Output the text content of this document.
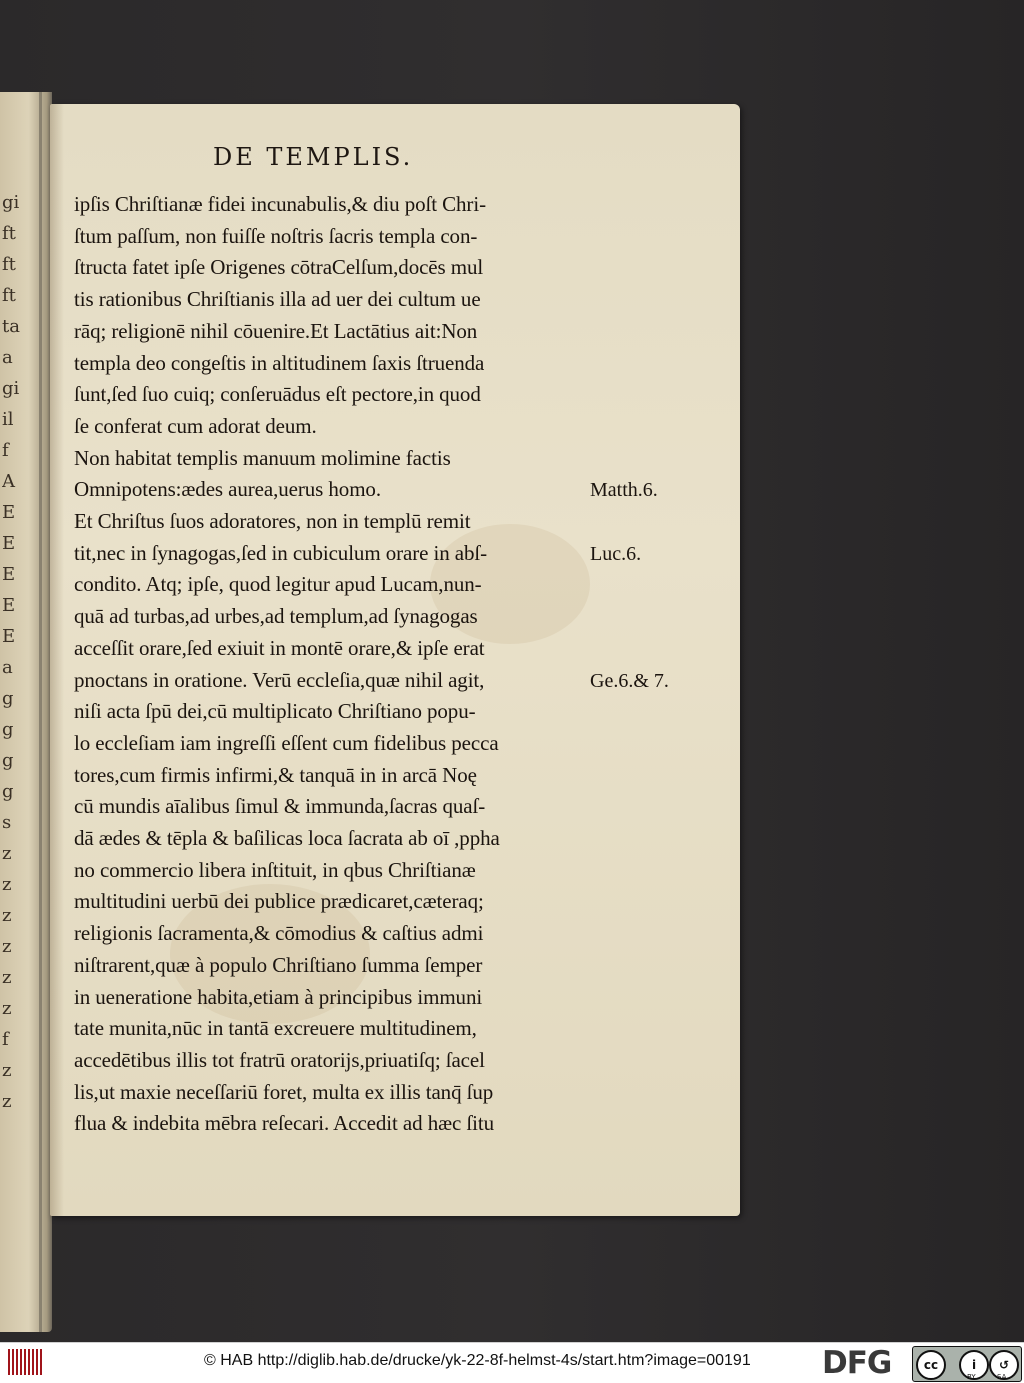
gi
ft
ft
ft
ta
a
gi
il
f
A
E
E
E
E
E
a
g
g
g
g
s
z
z
z
z
z
z
f
z
z
DE TEMPLIS.
ipſis Chriſtianæ fidei incunabulis,& diu poſt Chri-
ſtum paſſum, non fuiſſe noſtris ſacris templa con-
ſtructa fatet ipſe Origenes cōtraCelſum,docēs mul
tis rationibus Chriſtianis illa ad uer dei cultum ue
rāq; religionē nihil cōuenire.Et Lactātius ait:Non
templa deo congeſtis in altitudinem ſaxis ſtruenda
ſunt,ſed ſuo cuiq; conſeruādus eſt pectore,in quod
ſe conferat cum adorat deum.
Non habitat templis manuum molimine factis
Omnipotens:ædes aurea,uerus homo.
Et Chriſtus ſuos adoratores, non in templū remit
tit,nec in ſynagogas,ſed in cubiculum orare in abſ-
condito. Atq; ipſe, quod legitur apud Lucam,nun-
quā ad turbas,ad urbes,ad templum,ad ſynagogas
acceſſit orare,ſed exiuit in montē orare,& ipſe erat
pnoctans in oratione. Verū eccleſia,quæ nihil agit,
niſi acta ſpū dei,cū multiplicato Chriſtiano popu-
lo eccleſiam iam ingreſſi eſſent cum fidelibus pecca
tores,cum firmis infirmi,& tanquā in in arcā Noę
cū mundis aīalibus ſimul & immunda,ſacras quaſ-
dā ædes & tēpla & baſilicas loca ſacrata ab oī ,ppha
no commercio libera inſtituit, in qbus Chriſtianæ
multitudini uerbū dei publice prædicaret,cæteraq;
religionis ſacramenta,& cōmodius & caſtius admi
niſtrarent,quæ à populo Chriſtiano ſumma ſemper
in ueneratione habita,etiam à principibus immuni
tate munita,nūc in tantā excreuere multitudinem,
accedētibus illis tot fratrū oratorijs,priuatiſq; ſacel
lis,ut maxie neceſſariū foret, multa ex illis tanq̄ ſup
flua & indebita mēbra reſecari. Accedit ad hæc ſitu
Matth.6.
Luc.6.
Ge.6.& 7.
© HAB http://diglib.hab.de/drucke/yk-22-8f-helmst-4s/start.htm?image=00191 DFG	cc	i	↺
BY	SA
